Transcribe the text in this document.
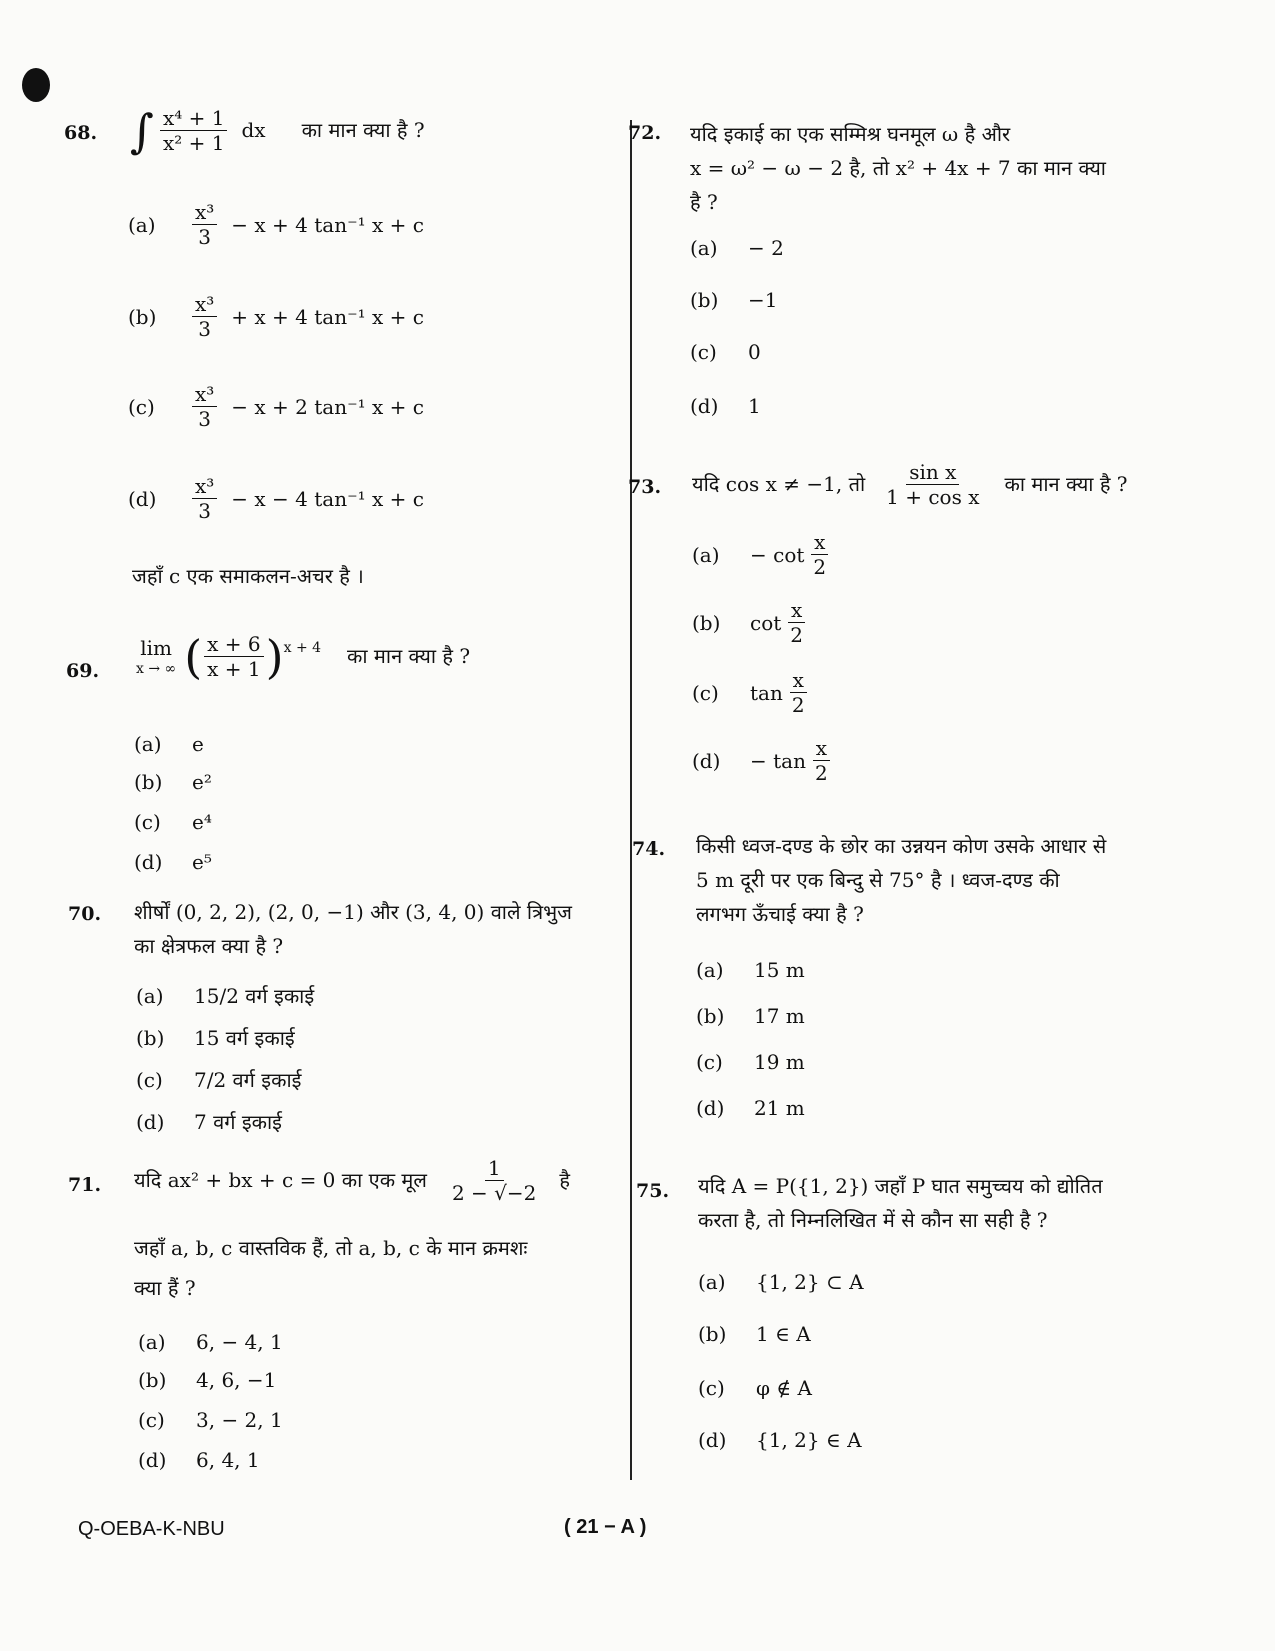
68. ∫ $\frac{\text{x⁴ + 1}}{\text{x² + 1}}$ dx का मान क्या है ?
(a)	$\frac{\text{x³}}{3} - x + 4$ tan⁻¹ x + c
(b)	$\frac{\text{x³}}{3} + x + 4$ tan⁻¹ x + c
(c)	$\frac{\text{x³}}{3} - x + 2$ tan⁻¹ x + c
(d)	$\frac{\text{x³}}{3} - x - 4$ tan⁻¹ x + c
जहाँ c एक समाकलन-अचर है ।
69.
lim
x → ∞ ( $\frac{x + 6}{x + 1}$ ) x + 4 का मान क्या है ?
(a)	e
(b)	e²
(c)	e⁴
(d)	e⁵
70. शीर्षों (0, 2, 2), (2, 0, −1) और (3, 4, 0) वाले त्रिभुज
का क्षेत्रफल क्या है ?
(a)	15/2 वर्ग इकाई
(b)	15 वर्ग इकाई
(c)	7/2 वर्ग इकाई
(d)	7 वर्ग इकाई
71. यदि ax² + bx + c = 0 का एक मूल $\frac{1}{2 - √-2}$ है
जहाँ a, b, c वास्तविक हैं, तो a, b, c के मान क्रमशः
क्या हैं ?
(a)	6, − 4, 1
(b)	4, 6, −1
(c)	3, − 2, 1
(d)	6, 4, 1
72. यदि इकाई का एक सम्मिश्र घनमूल ω है और
x = ω² − ω − 2 है, तो x² + 4x + 7 का मान क्या
है ?
(a)	− 2
(b)	−1
(c)	0
(d)	1
73. यदि cos x ≠ −1, तो $\frac{\text{sin x}}{\text{1 + cos x}}$ का मान क्या है ?
(a)	− $\cot \frac{x}{2}$
(b)	$\cot \frac{x}{2}$
(c)	$\tan \frac{x}{2}$
(d)	− $\tan \frac{x}{2}$
74. किसी ध्वज-दण्ड के छोर का उन्नयन कोण उसके आधार से
5 m दूरी पर एक बिन्दु से 75° है । ध्वज-दण्ड की
लगभग ऊँचाई क्या है ?
(a)	15 m
(b)	17 m
(c)	19 m
(d)	21 m
75. यदि A = P({1, 2}) जहाँ P घात समुच्चय को द्योतित
करता है, तो निम्नलिखित में से कौन सा सही है ?
(a)	{1, 2} ⊂ A
(b)	1 ∈ A
(c)	φ ∉ A
(d)	{1, 2} ∈ A
Q-OEBA-K-NBU	( 21 − A )
